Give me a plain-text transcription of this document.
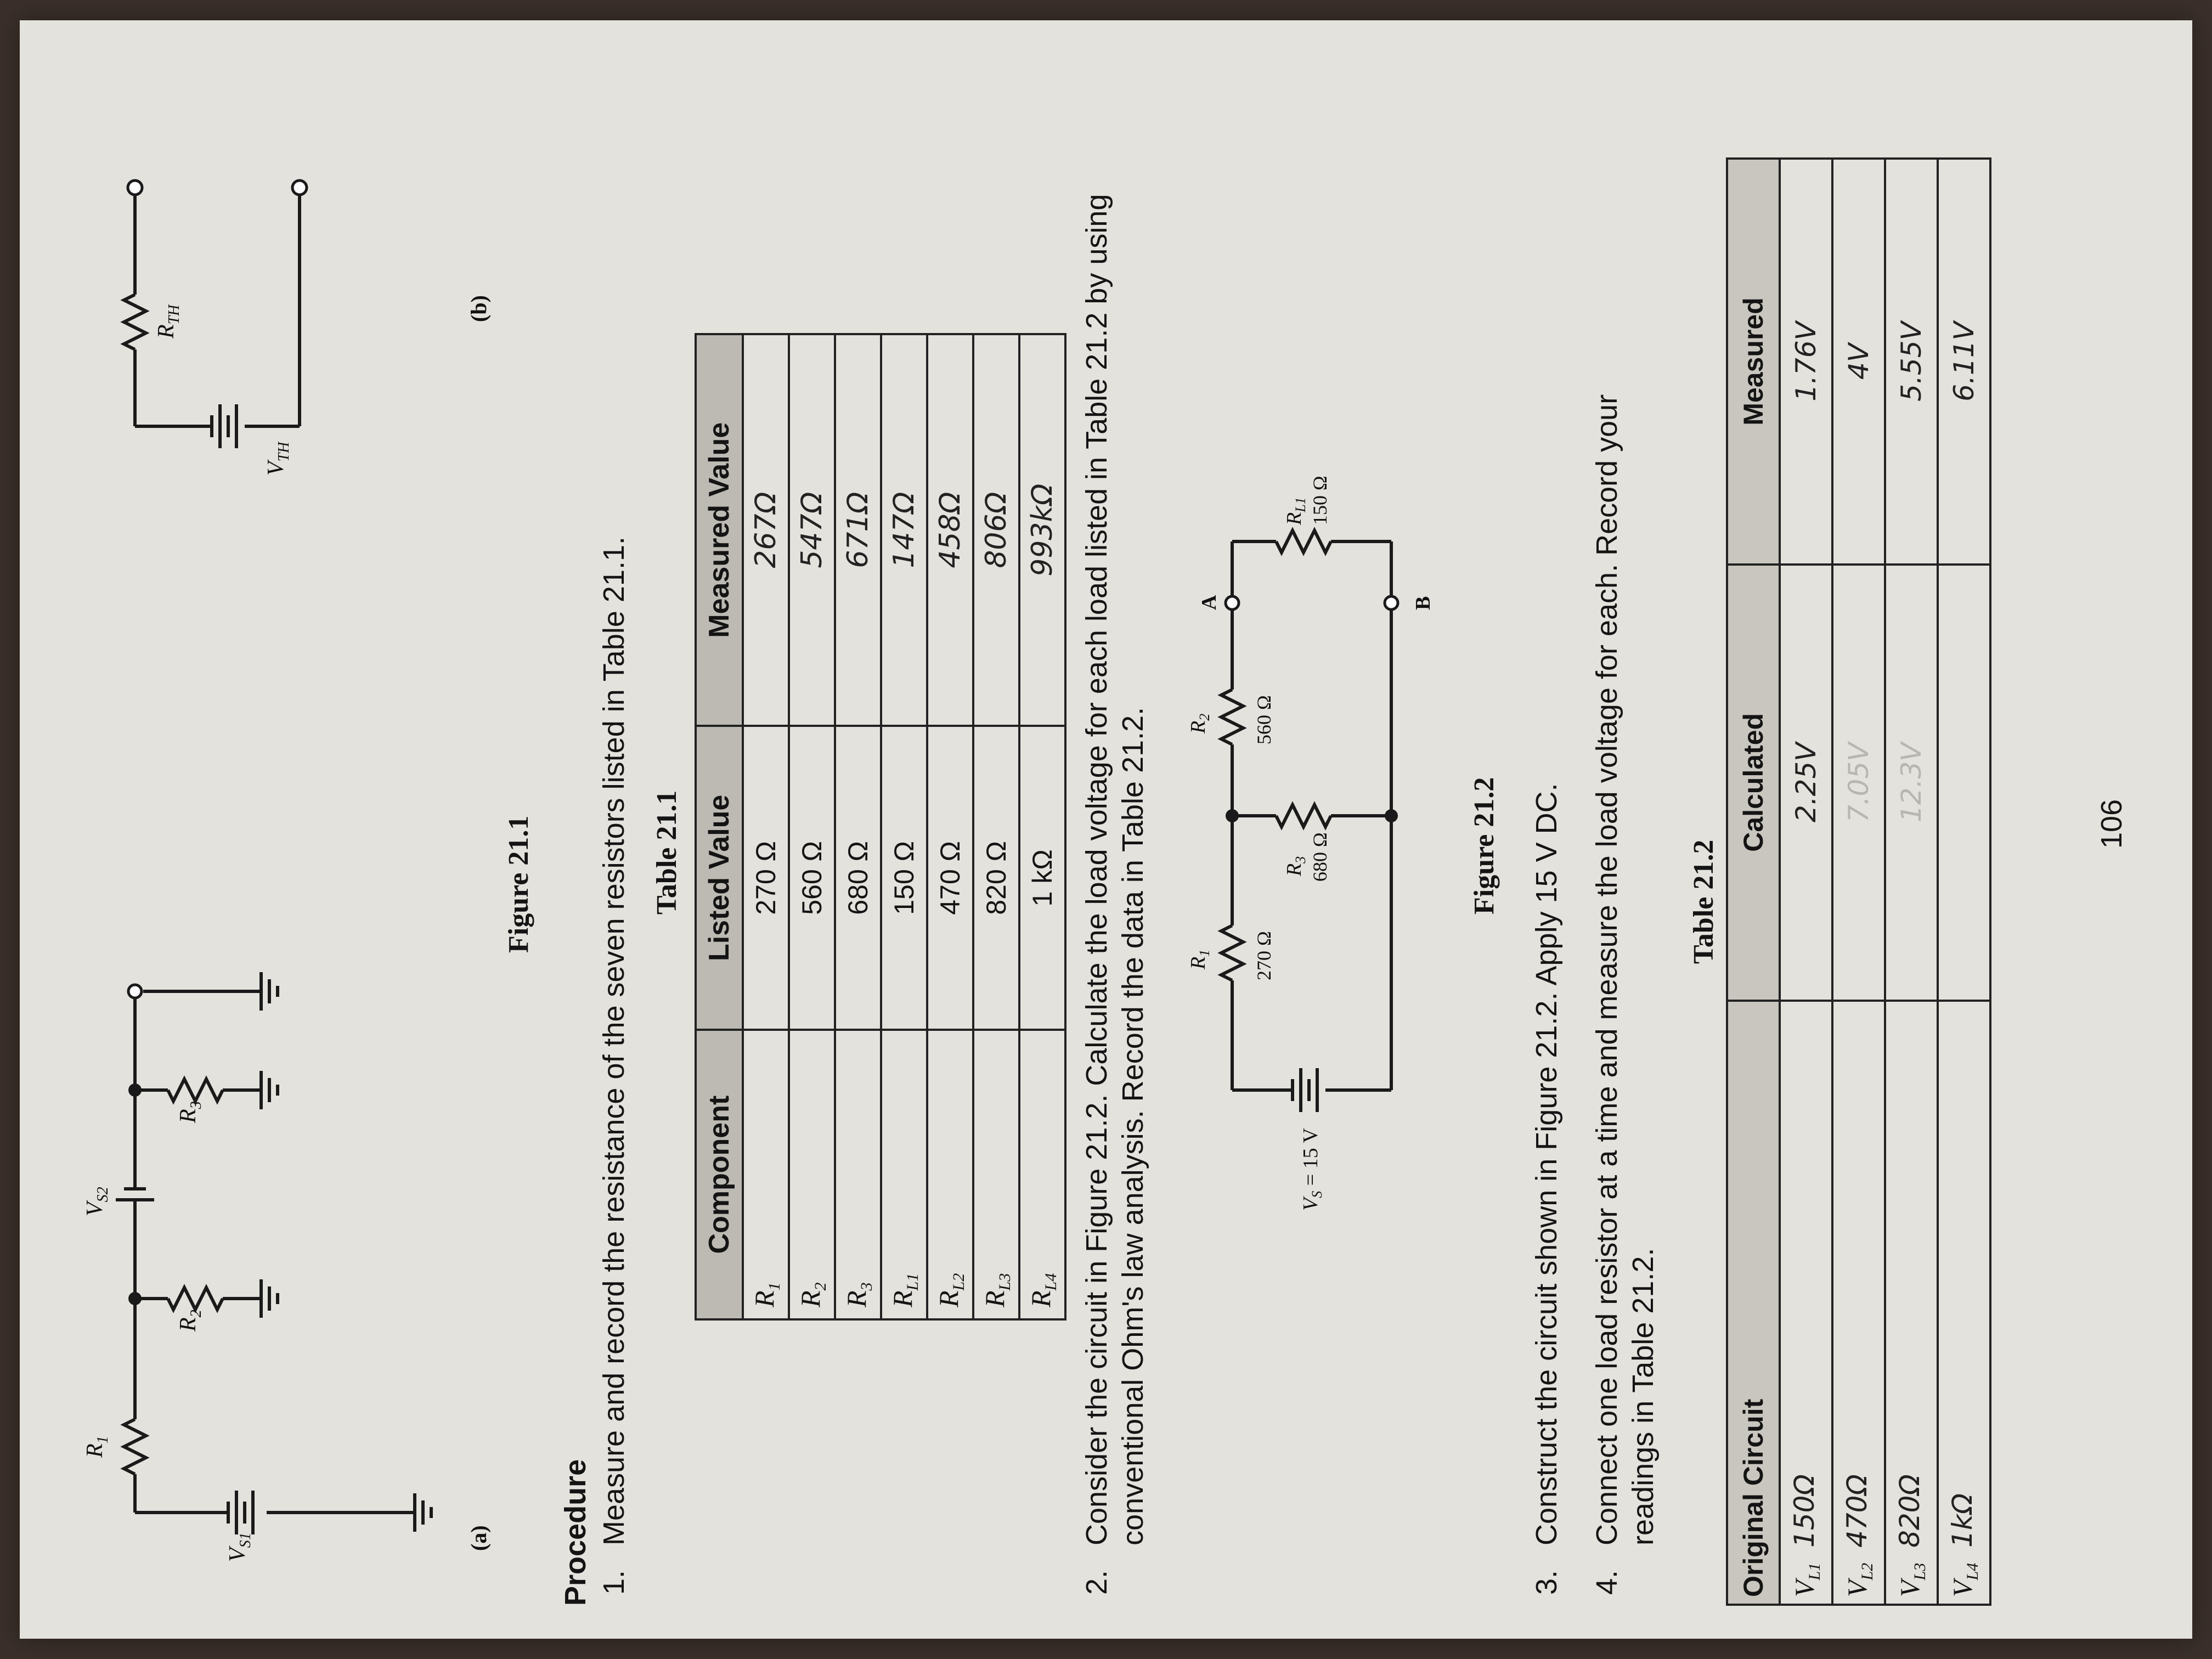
$V_{S1}$
$R_1$
$R_2$
$V_{S2}$
$R_3$
(a)
$V_{TH}$
$R_{TH}$	(b)
Figure 21.1
Procedure 1.
Measure and record the resistance of the seven resistors listed in Table 21.1. Table 21.1
Component	Listed Value	Measured Value
$R_1$	270 Ω	267Ω
$R_2$	560 Ω	547Ω
$R_3$	680 Ω	671Ω
$R_{L1}$	150 Ω	147Ω
$R_{L2}$	470 Ω	458Ω
$R_{L3}$	820 Ω	806Ω
$R_{L4}$	1 kΩ	993kΩ
2.
Consider the circuit in Figure 21.2. Calculate the load voltage for each load listed in Table 21.2 by using conventional Ohm's law analysis. Record the data in Table 21.2.	$V_S = 15$ V
$R_1$ 270 Ω
$R_3$ 680 Ω
$R_2$ 560 Ω
A	B
$R_{L1}$ 150 Ω
Figure 21.2
3.
Construct the circuit shown in Figure 21.2. Apply 15 V DC.
4.
Connect one load resistor at a time and measure the load voltage for each. Record your readings in Table 21.2.
Table 21.2
Original Circuit	Calculated	Measured
$V_{L1}$  150Ω	2.25V	1.76V
$V_{L2}$  470Ω	7.05V	4V
$V_{L3}$  820Ω	12.3V	5.55V
$V_{L4}$  1kΩ		6.11V
106
